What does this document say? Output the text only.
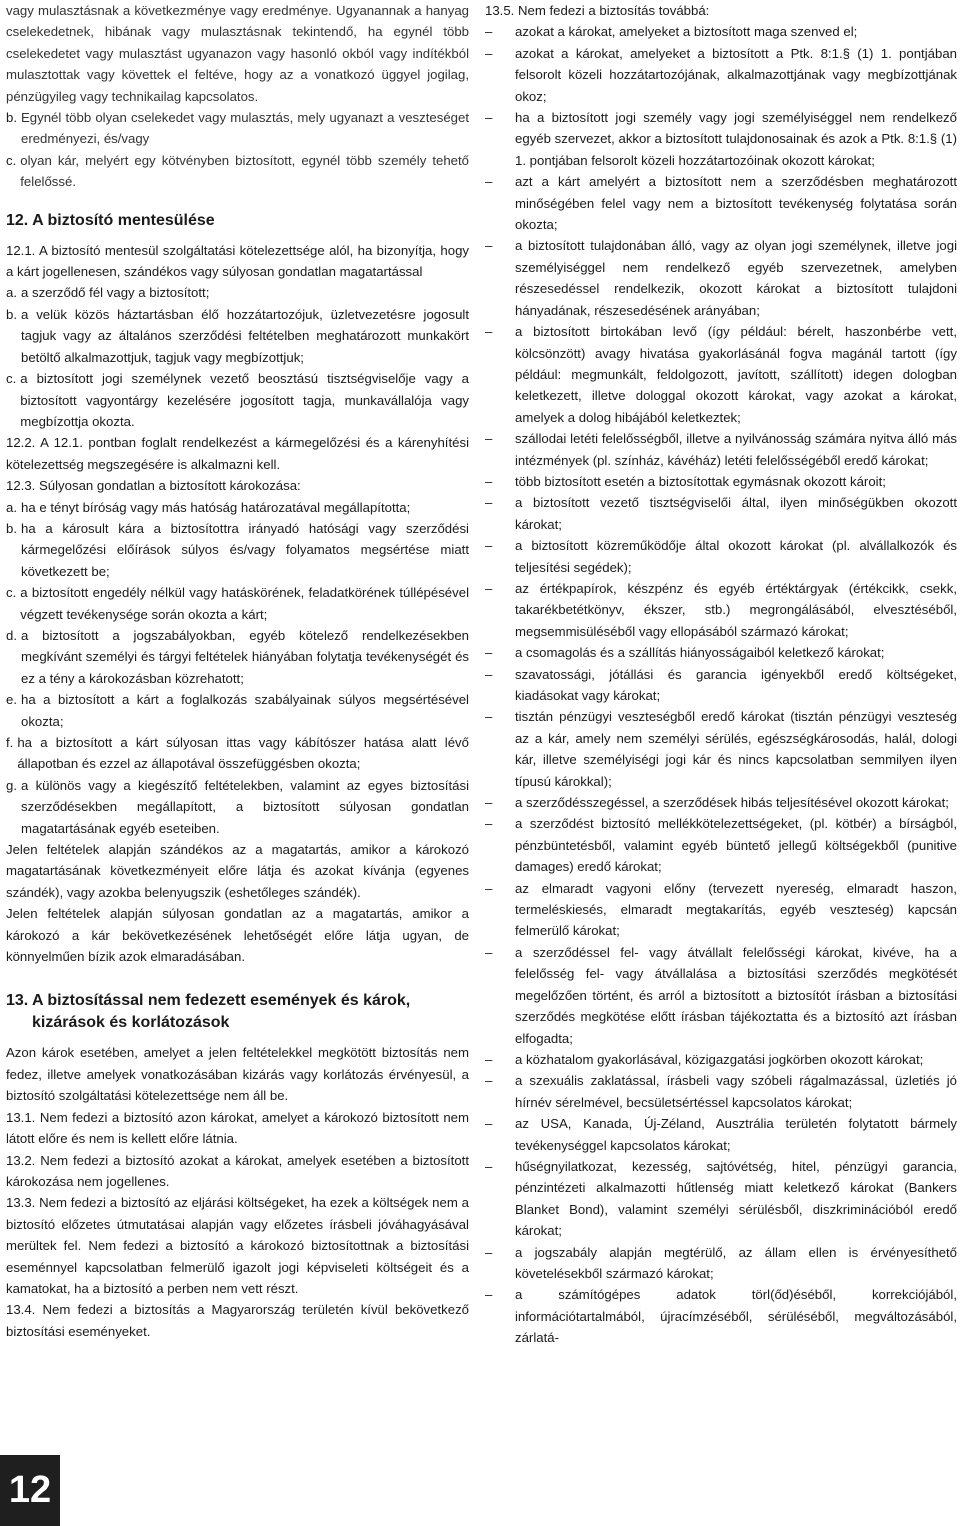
vagy mulasztásnak a következménye vagy eredménye. Ugyanannak a hanyag cselekedetnek, hibának vagy mulasztásnak tekintendő, ha egynél több cselekedetet vagy mulasztást ugyanazon vagy hasonló okból vagy indítékból mulasztottak vagy követtek el feltéve, hogy az a vonatkozó üggyel jogilag, pénzügyileg vagy technikailag kapcsolatos.

b. Egynél több olyan cselekedet vagy mulasztás, mely ugyanazt a veszteséget eredményezi, és/vagy
c. olyan kár, melyért egy kötvényben biztosított, egynél több személy tehető felelőssé.
12. A biztosító mentesülése

12.1. A biztosító mentesül szolgáltatási kötelezettsége alól, ha bizonyítja, hogy a kárt jogellenesen, szándékos vagy súlyosan gondatlan magatartással

a. a szerződő fél vagy a biztosított;
b. a velük közös háztartásban élő hozzátartozójuk, üzletvezetésre jogosult tagjuk vagy az általános szerződési feltételben meghatározott munkakört betöltő alkalmazottjuk, tagjuk vagy megbízottjuk;
c. a biztosított jogi személynek vezető beosztású tisztségviselője vagy a biztosított vagyontárgy kezelésére jogosított tagja, munkavállalója vagy megbízottja okozta.

12.2. A 12.1. pontban foglalt rendelkezést a kármegelőzési és a kárenyhítési kötelezettség megszegésére is alkalmazni kell.

12.3. Súlyosan gondatlan a biztosított károkozása:

a. ha e tényt bíróság vagy más hatóság határozatával megállapította;
b. ha a károsult kára a biztosítottra irányadó hatósági vagy szerződési kármegelőzési előírások súlyos és/vagy folyamatos megsértése miatt következett be;
c. a biztosított engedély nélkül vagy hatáskörének, feladatkörének túllépésével végzett tevékenysége során okozta a kárt;
d. a biztosított a jogszabályokban, egyéb kötelező rendelkezésekben megkívánt személyi és tárgyi feltételek hiányában folytatja tevékenységét és ez a tény a károkozásban közrehatott;
e. ha a biztosított a kárt a foglalkozás szabályainak súlyos megsértésével okozta;
f. ha a biztosított a kárt súlyosan ittas vagy kábítószer hatása alatt lévő állapotban és ezzel az állapotával összefüggésben okozta;
g. a különös vagy a kiegészítő feltételekben, valamint az egyes biztosítási szerződésekben megállapított, a biztosított súlyosan gondatlan magatartásának egyéb eseteiben.

Jelen feltételek alapján szándékos az a magatartás, amikor a károkozó magatartásának következményeit előre látja és azokat kívánja (egyenes szándék), vagy azokba belenyugszik (eshetőleges szándék).

Jelen feltételek alapján súlyosan gondatlan az a magatartás, amikor a károkozó a kár bekövetkezésének lehetőségét előre látja ugyan, de könnyelműen bízik azok elmaradásában.

13. A biztosítással nem fedezett események és károk, kizárások és korlátozások

Azon károk esetében, amelyet a jelen feltételekkel megkötött biztosítás nem fedez, illetve amelyek vonatkozásában kizárás vagy korlátozás érvényesül, a biztosító szolgáltatási kötelezettsége nem áll be.

13.1. Nem fedezi a biztosító azon károkat, amelyet a károkozó biztosított nem látott előre és nem is kellett előre látnia.

13.2. Nem fedezi a biztosító azokat a károkat, amelyek esetében a biztosított károkozása nem jogellenes.

13.3. Nem fedezi a biztosító az eljárási költségeket, ha ezek a költségek nem a biztosító előzetes útmutatásai alapján vagy előzetes írásbeli jóváhagyásával merültek fel. Nem fedezi a biztosító a károkozó biztosítottnak a biztosítási eseménnyel kapcsolatban felmerülő igazolt jogi képviseleti költségeit és a kamatokat, ha a biztosító a perben nem vett részt.

13.4. Nem fedezi a biztosítás a Magyarország területén kívül bekövetkező biztosítási eseményeket.

13.5. Nem fedezi a biztosítás továbbá:

–	azokat a károkat, amelyeket a biztosított maga szenved el;
–	azokat a károkat, amelyeket a biztosított a Ptk. 8:1.§ (1) 1. pontjában felsorolt közeli hozzátartozójának, alkalmazottjának vagy megbízottjának okoz;
–	ha a biztosított jogi személy vagy jogi személyiséggel nem rendelkező egyéb szervezet, akkor a biztosított tulajdonosainak és azok a Ptk. 8:1.§ (1) 1. pontjában felsorolt közeli hozzátartozóinak okozott károkat;
–	azt a kárt amelyért a biztosított nem a szerződésben meghatározott minőségében felel vagy nem a biztosított tevékenység folytatása során okozta;
–	a biztosított tulajdonában álló, vagy az olyan jogi személynek, illetve jogi személyiséggel nem rendelkező egyéb szervezetnek, amelyben részesedéssel rendelkezik, okozott károkat a biztosított tulajdoni hányadának, részesedésének arányában;
–	a biztosított birtokában levő (így például: bérelt, haszonbérbe vett, kölcsönzött) avagy hivatása gyakorlásánál fogva magánál tartott (így például: megmunkált, feldolgozott, javított, szállított) idegen dologban keletkezett, illetve dologgal okozott károkat, vagy azokat a károkat, amelyek a dolog hibájából keletkeztek;
–	szállodai letéti felelősségből, illetve a nyilvánosság számára nyitva álló más intézmények (pl. színház, kávéház) letéti felelősségéből eredő károkat;
–	több biztosított esetén a biztosítottak egymásnak okozott károit;
–	a biztosított vezető tisztségviselői által, ilyen minőségükben okozott károkat;
–	a biztosított közreműködője által okozott károkat (pl. alvállalkozók és teljesítési segédek);
–	az értékpapírok, készpénz és egyéb értéktárgyak (értékcikk, csekk, takarékbetétkönyv, ékszer, stb.) megrongálásából, elvesztéséből, megsemmisüléséből vagy ellopásából származó károkat;
–	a csomagolás és a szállítás hiányosságaiból keletkező károkat;
–	szavatossági, jótállási és garancia igényekből eredő költségeket, kiadásokat vagy károkat;
–	tisztán pénzügyi veszteségből eredő károkat (tisztán pénzügyi veszteség az a kár, amely nem személyi sérülés, egészségkárosodás, halál, dologi kár, illetve személyiségi jogi kár és nincs kapcsolatban semmilyen ilyen típusú károkkal);
–	a szerződésszegéssel, a szerződések hibás teljesítésével okozott károkat;
–	a szerződést biztosító mellékkötelezettségeket, (pl. kötbér) a bírságból, pénzbüntetésből, valamint egyéb büntető jellegű költségekből (punitive damages) eredő károkat;
–	az elmaradt vagyoni előny (tervezett nyereség, elmaradt haszon, termeléskiesés, elmaradt megtakarítás, egyéb veszteség) kapcsán felmerülő károkat;
–	a szerződéssel fel- vagy átvállalt felelősségi károkat, kivéve, ha a felelősség fel- vagy átvállalása a biztosítási szerződés megkötését megelőzően történt, és arról a biztosított a biztosítót írásban a biztosítási szerződés megkötése előtt írásban tájékoztatta és a biztosító azt írásban elfogadta;
–	a közhatalom gyakorlásával, közigazgatási jogkörben okozott károkat;
–	a szexuális zaklatással, írásbeli vagy szóbeli rágalmazással, üzletiés jó hírnév sérelmével, becsületsértéssel kapcsolatos károkat;
–	az USA, Kanada, Új-Zéland, Ausztrália területén folytatott bármely tevékenységgel kapcsolatos károkat;
–	hűségnyilatkozat, kezesség, sajtóvétség, hitel, pénzügyi garancia, pénzintézeti alkalmazotti hűtlenség miatt keletkező károkat (Bankers Blanket Bond), valamint személyi sérülésből, diszkriminációból eredő károkat;
–	a jogszabály alapján megtérülő, az állam ellen is érvényesíthető követelésekből származó károkat;
–	a számítógépes adatok törl(őd)éséből, korrekciójából, információtartalmából, újracímzéséből, sérüléséből, megváltozásából, zárlatá-
12
